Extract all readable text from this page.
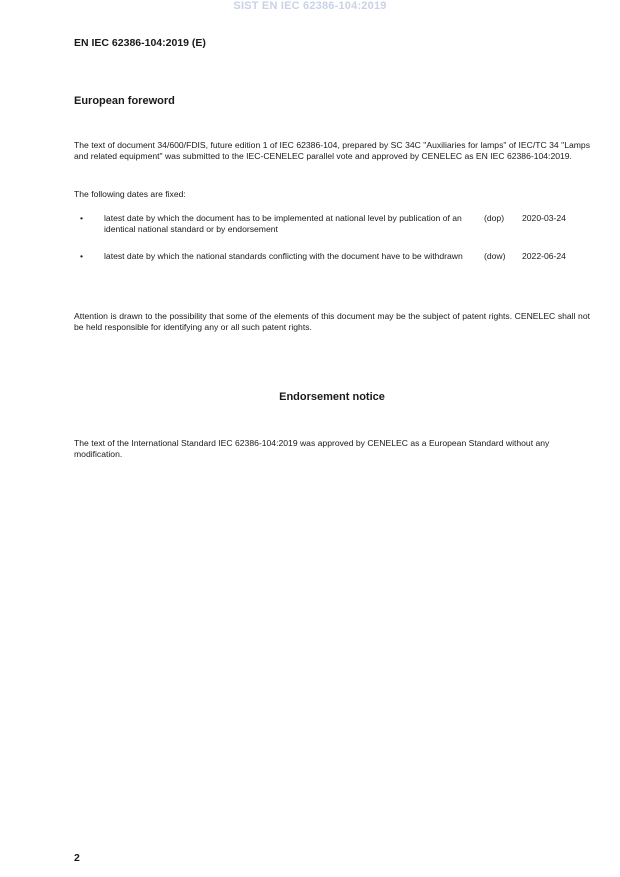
SIST EN IEC 62386-104:2019
EN IEC 62386-104:2019 (E)
European foreword
The text of document 34/600/FDIS, future edition 1 of IEC 62386-104, prepared by SC 34C "Auxiliaries for lamps" of IEC/TC 34 "Lamps and related equipment" was submitted to the IEC-CENELEC parallel vote and approved by CENELEC as EN IEC 62386-104:2019.
The following dates are fixed:
• latest date by which the document has to be implemented at national level by publication of an identical national standard or by endorsement
(dop) 2020-03-24
• latest date by which the national standards conflicting with the document have to be withdrawn	(dow) 2022-06-24
Attention is drawn to the possibility that some of the elements of this document may be the subject of patent rights. CENELEC shall not be held responsible for identifying any or all such patent rights.
Endorsement notice
The text of the International Standard IEC 62386-104:2019 was approved by CENELEC as a European Standard without any modification.
2
